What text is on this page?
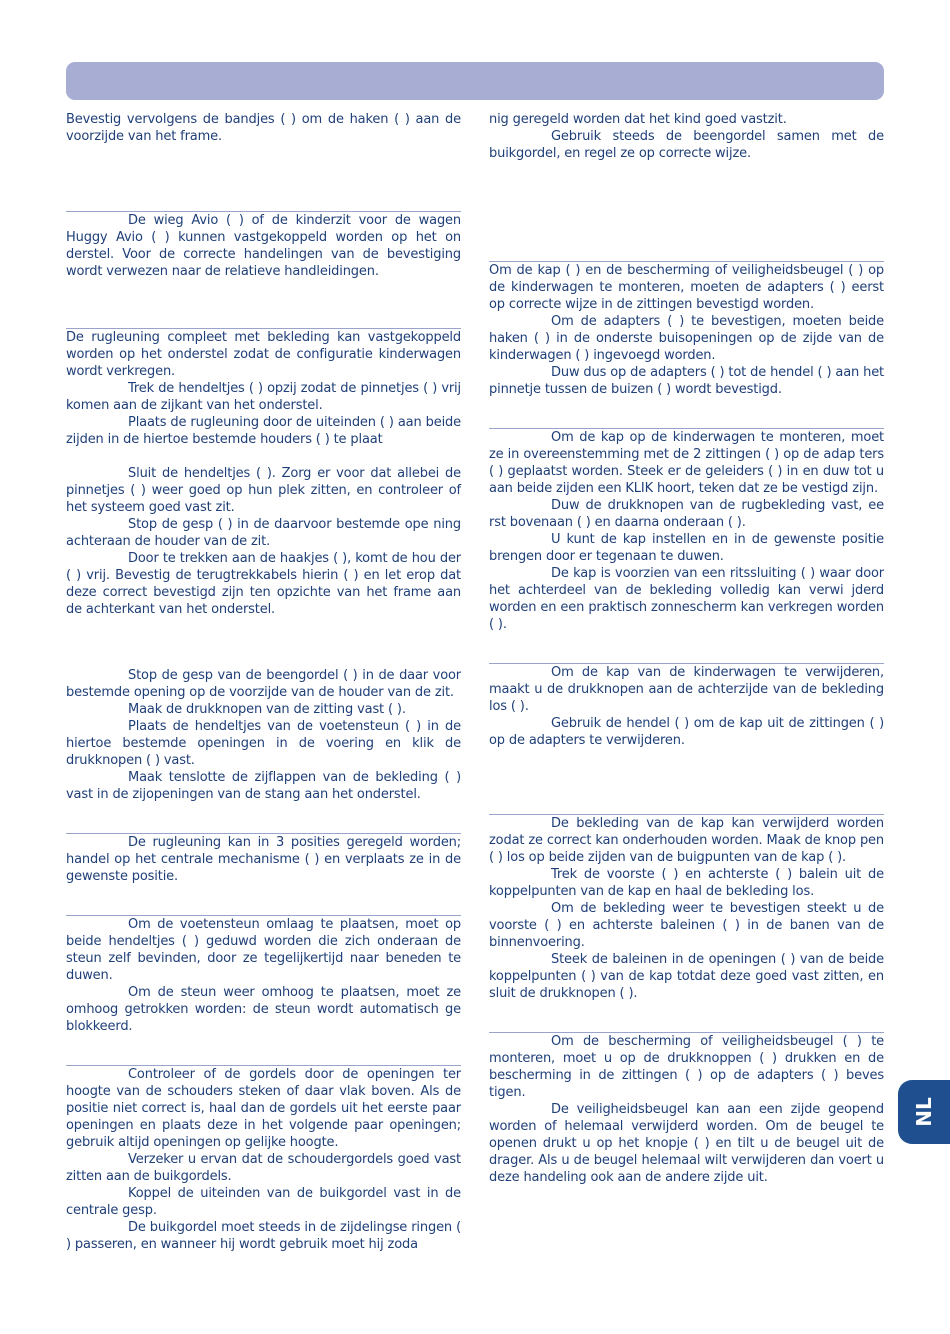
Bevestig vervolgens de bandjes ( ) om de haken ( ) aan de voorzijde van het frame.

De wieg Avio ( ) of de kinderzit voor de wagen Huggy Avio ( ) kunnen vastgekoppeld worden op het on derstel. Voor de correcte handelingen van de bevestiging wordt verwezen naar de relatieve handleidingen.

De rugleuning compleet met bekleding kan vastgekoppeld worden op het onderstel zodat de configuratie kinderwagen wordt verkregen.

Trek de hendeltjes ( ) opzij zodat de pinnetjes ( ) vrij komen aan de zijkant van het onderstel.

Plaats de rugleuning door de uiteinden ( ) aan beide zijden in de hiertoe bestemde houders ( ) te plaat

Sluit de hendeltjes ( ). Zorg er voor dat allebei de pinnetjes ( ) weer goed op hun plek zitten, en controleer of het systeem goed vast zit.

Stop de gesp ( ) in de daarvoor bestemde ope ning achteraan de houder van de zit.

Door te trekken aan de haakjes ( ), komt de hou der ( ) vrij. Bevestig de terugtrekkabels hierin ( ) en let erop dat deze correct bevestigd zijn ten opzichte van het frame aan de achterkant van het onderstel.

Stop de gesp van de beengordel ( ) in de daar voor bestemde opening op de voorzijde van de houder van de zit.

Maak de drukknopen van de zitting vast ( ).

Plaats de hendeltjes van de voetensteun ( ) in de hiertoe bestemde openingen in de voering en klik de drukknopen ( ) vast.

Maak tenslotte de zijflappen van de bekleding ( ) vast in de zijopeningen van de stang aan het onderstel.

De rugleuning kan in 3 posities geregeld worden; handel op het centrale mechanisme ( ) en verplaats ze in de gewenste positie.

Om de voetensteun omlaag te plaatsen, moet op beide hendeltjes ( ) geduwd worden die zich onderaan de steun zelf bevinden, door ze tegelijkertijd naar beneden te duwen.

Om de steun weer omhoog te plaatsen, moet ze omhoog getrokken worden: de steun wordt automatisch ge blokkeerd.

Controleer of de gordels door de openingen ter hoogte van de schouders steken of daar vlak boven. Als de positie niet correct is, haal dan de gordels uit het eerste paar openingen en plaats deze in het volgende paar openingen; gebruik altijd openingen op gelijke hoogte.

Verzeker u ervan dat de schoudergordels goed vast zitten aan de buikgordels.

Koppel de uiteinden van de buikgordel vast in de centrale gesp.

De buikgordel moet steeds in de zijdelingse ringen ( ) passeren, en wanneer hij wordt gebruik moet hij zoda

nig geregeld worden dat het kind goed vastzit.

Gebruik steeds de beengordel samen met de buikgordel, en regel ze op correcte wijze.

Om de kap ( ) en de bescherming of veiligheidsbeugel ( ) op de kinderwagen te monteren, moeten de adapters ( ) eerst op correcte wijze in de zittingen bevestigd worden.

Om de adapters ( ) te bevestigen, moeten beide haken ( ) in de onderste buisopeningen op de zijde van de kinderwagen ( ) ingevoegd worden.

Duw dus op de adapters ( ) tot de hendel ( ) aan het pinnetje tussen de buizen ( ) wordt bevestigd.

Om de kap op de kinderwagen te monteren, moet ze in overeenstemming met de 2 zittingen ( ) op de adap ters ( ) geplaatst worden. Steek er de geleiders ( ) in en duw tot u aan beide zijden een KLIK hoort, teken dat ze be vestigd zijn.

Duw de drukknopen van de rugbekleding vast, ee rst bovenaan ( ) en daarna onderaan ( ).

U kunt de kap instellen en in de gewenste positie brengen door er tegenaan te duwen.

De kap is voorzien van een ritssluiting ( ) waar door het achterdeel van de bekleding volledig kan verwi jderd worden en een praktisch zonnescherm kan verkregen worden ( ).

Om de kap van de kinderwagen te verwijderen, maakt u de drukknopen aan de achterzijde van de bekleding los ( ).

Gebruik de hendel ( ) om de kap uit de zittingen ( ) op de adapters te verwijderen.

De bekleding van de kap kan verwijderd worden zodat ze correct kan onderhouden worden. Maak de knop pen ( ) los op beide zijden van de buigpunten van de kap ( ).

Trek de voorste ( ) en achterste ( ) balein uit de koppelpunten van de kap en haal de bekleding los.

Om de bekleding weer te bevestigen steekt u de voorste ( ) en achterste baleinen ( ) in de banen van de binnenvoering.

Steek de baleinen in de openingen ( ) van de beide koppelpunten ( ) van de kap totdat deze goed vast zitten, en sluit de drukknopen ( ).

Om de bescherming of veiligheidsbeugel ( ) te monteren, moet u op de drukknoppen ( ) drukken en de bescherming in de zittingen ( ) op de adapters ( ) beves tigen.

De veiligheidsbeugel kan aan een zijde geopend worden of helemaal verwijderd worden. Om de beugel te openen drukt u op het knopje ( ) en tilt u de beugel uit de drager. Als u de beugel helemaal wilt verwijderen dan voert u deze handeling ook aan de andere zijde uit.

NL
